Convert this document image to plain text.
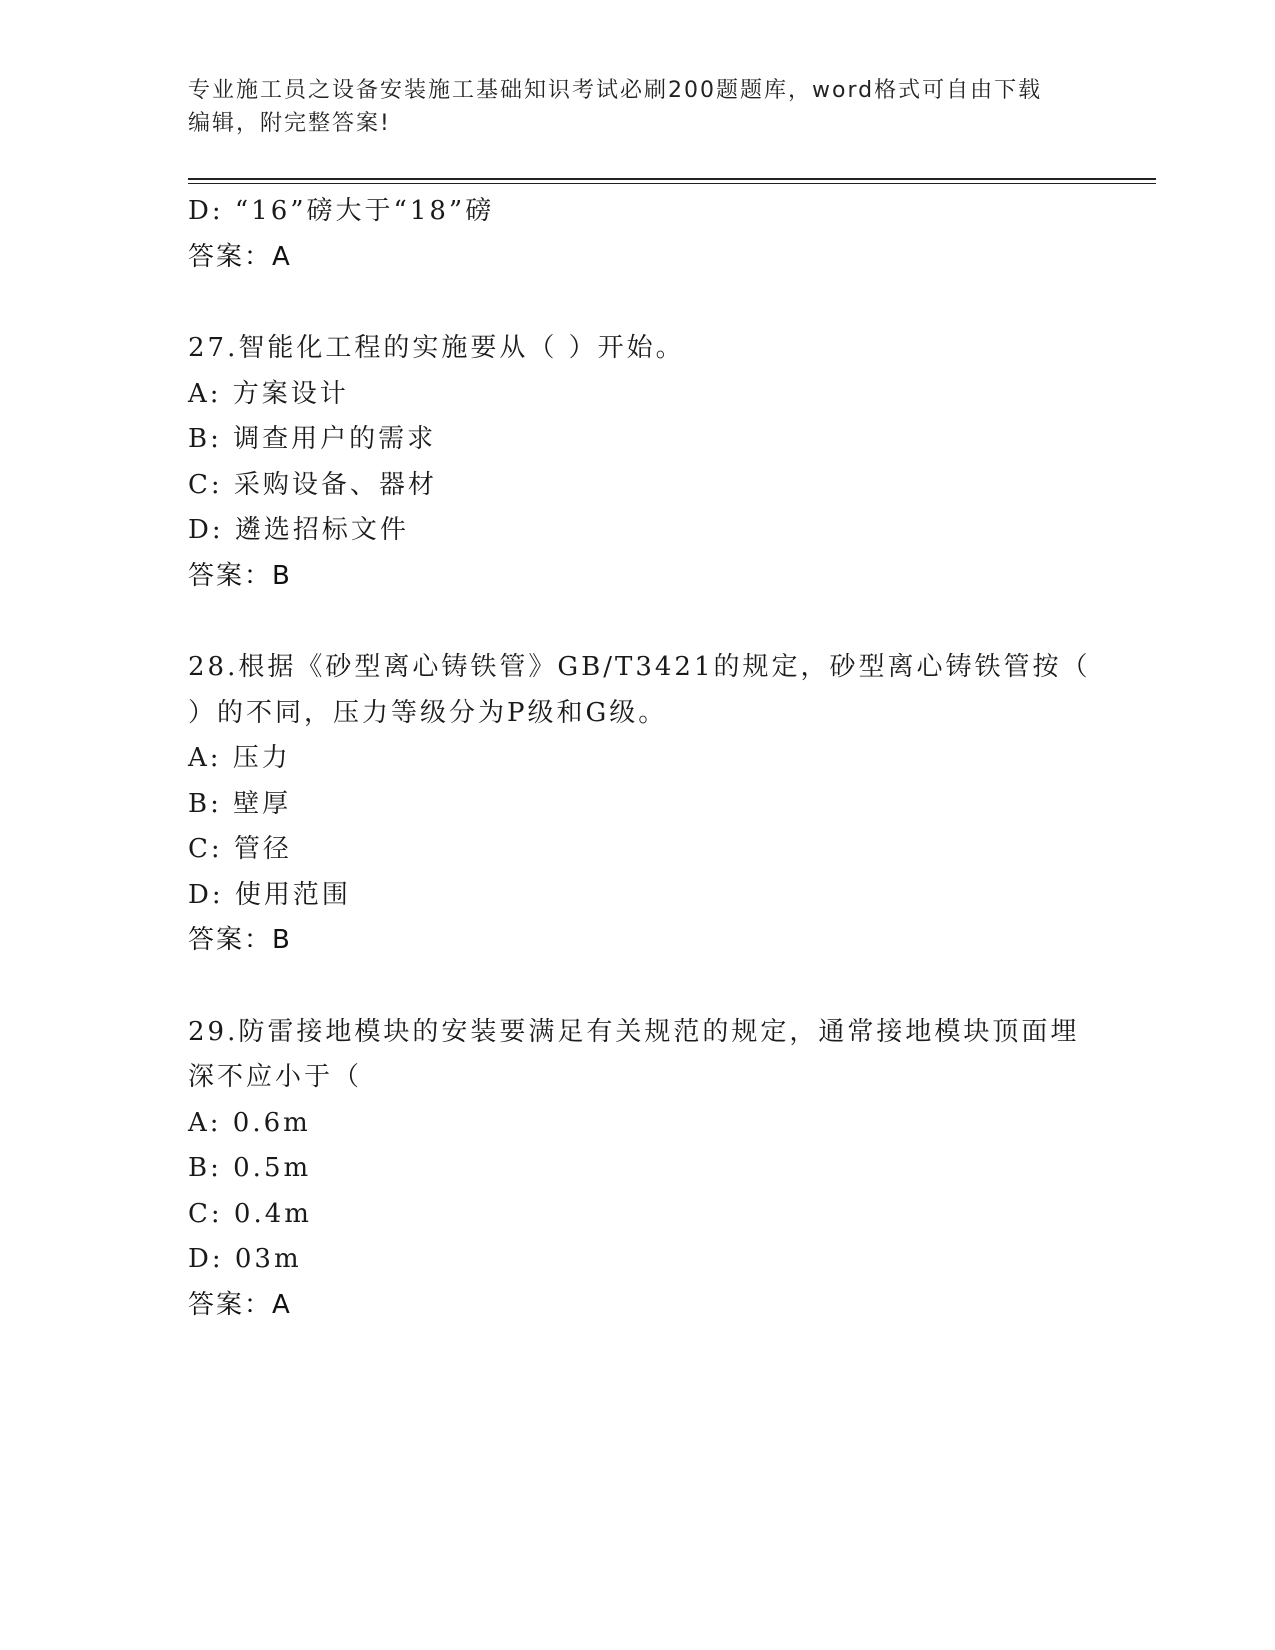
专业施工员之设备安装施工基础知识考试必刷200题题库，word格式可自由下载
编辑，附完整答案!
D: “16”磅大于“18”磅
答案：A
27.智能化工程的实施要从（ ）开始。
A: 方案设计
B: 调查用户的需求
C: 采购设备、器材
D: 遴选招标文件
答案：B
28.根据《砂型离心铸铁管》GB/T3421的规定，砂型离心铸铁管按（
）的不同，压力等级分为P级和G级。
A: 压力
B: 壁厚
C: 管径
D: 使用范围
答案：B
29.防雷接地模块的安装要满足有关规范的规定，通常接地模块顶面埋
深不应小于（
A: 0.6m
B: 0.5m
C: 0.4m
D: 03m
答案：A
